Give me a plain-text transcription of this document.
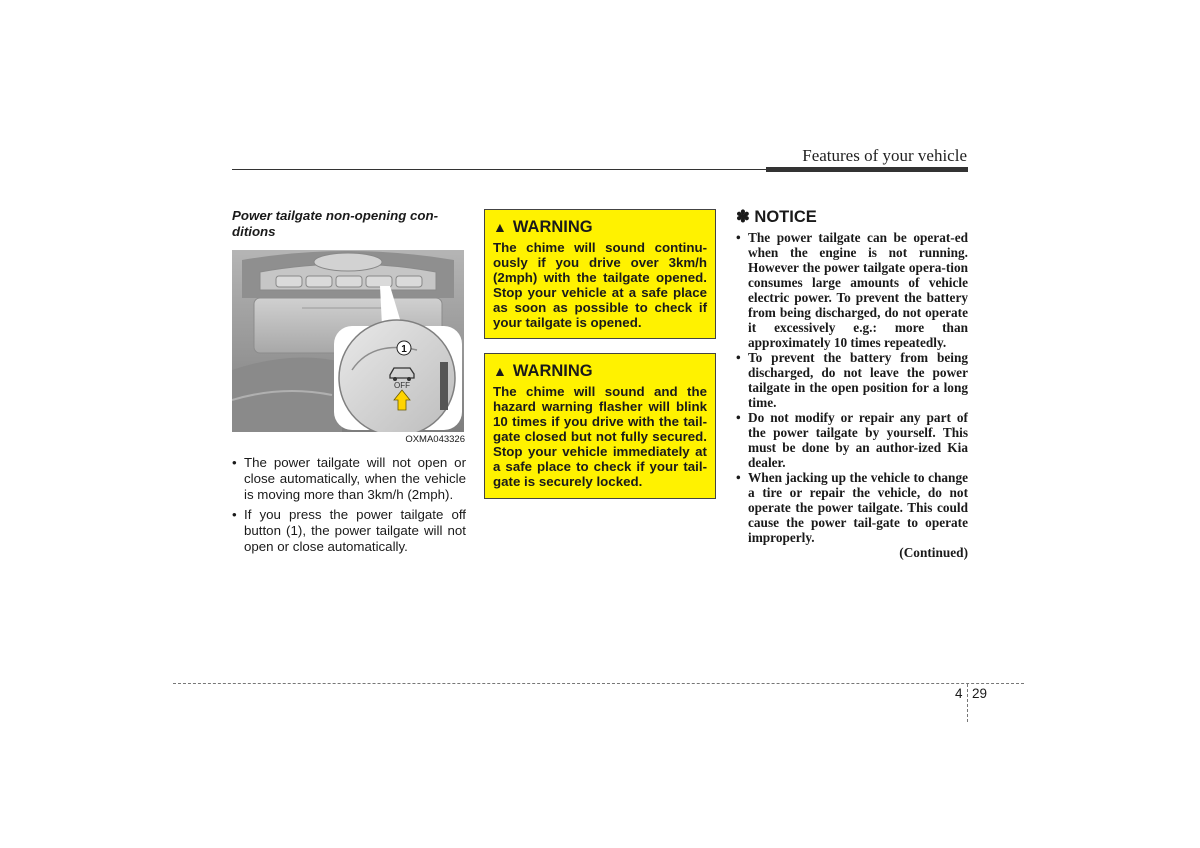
Features of your vehicle

Power tailgate non-opening con-ditions

1
OFF
OXMA043326
• The power tailgate will not open or close automatically, when the vehicle is moving more than 3km/h (2mph).
• If you press the power tailgate off button (1), the power tailgate will not open or close automatically.
▲ WARNING
The chime will sound continu-ously if you drive over 3km/h (2mph) with the tailgate opened. Stop your vehicle at a safe place as soon as possible to check if your tailgate is opened.
▲ WARNING
The chime will sound and the hazard warning flasher will blink 10 times if you drive with the tail-gate closed but not fully secured. Stop your vehicle immediately at a safe place to check if your tail-gate is securely locked.
✽ NOTICE
• The power tailgate can be operat-ed when the engine is not running. However the power tailgate opera-tion consumes large amounts of vehicle electric power. To prevent the battery from being discharged, do not operate it excessively e.g.: more than approximately 10 times repeatedly.
• To prevent the battery from being discharged, do not leave the power tailgate in the open position for a long time.
• Do not modify or repair any part of the power tailgate by yourself. This must be done by an author-ized Kia dealer.
• When jacking up the vehicle to change a tire or repair the vehicle, do not operate the power tailgate. This could cause the power tail-gate to operate improperly.
(Continued)
4 29
